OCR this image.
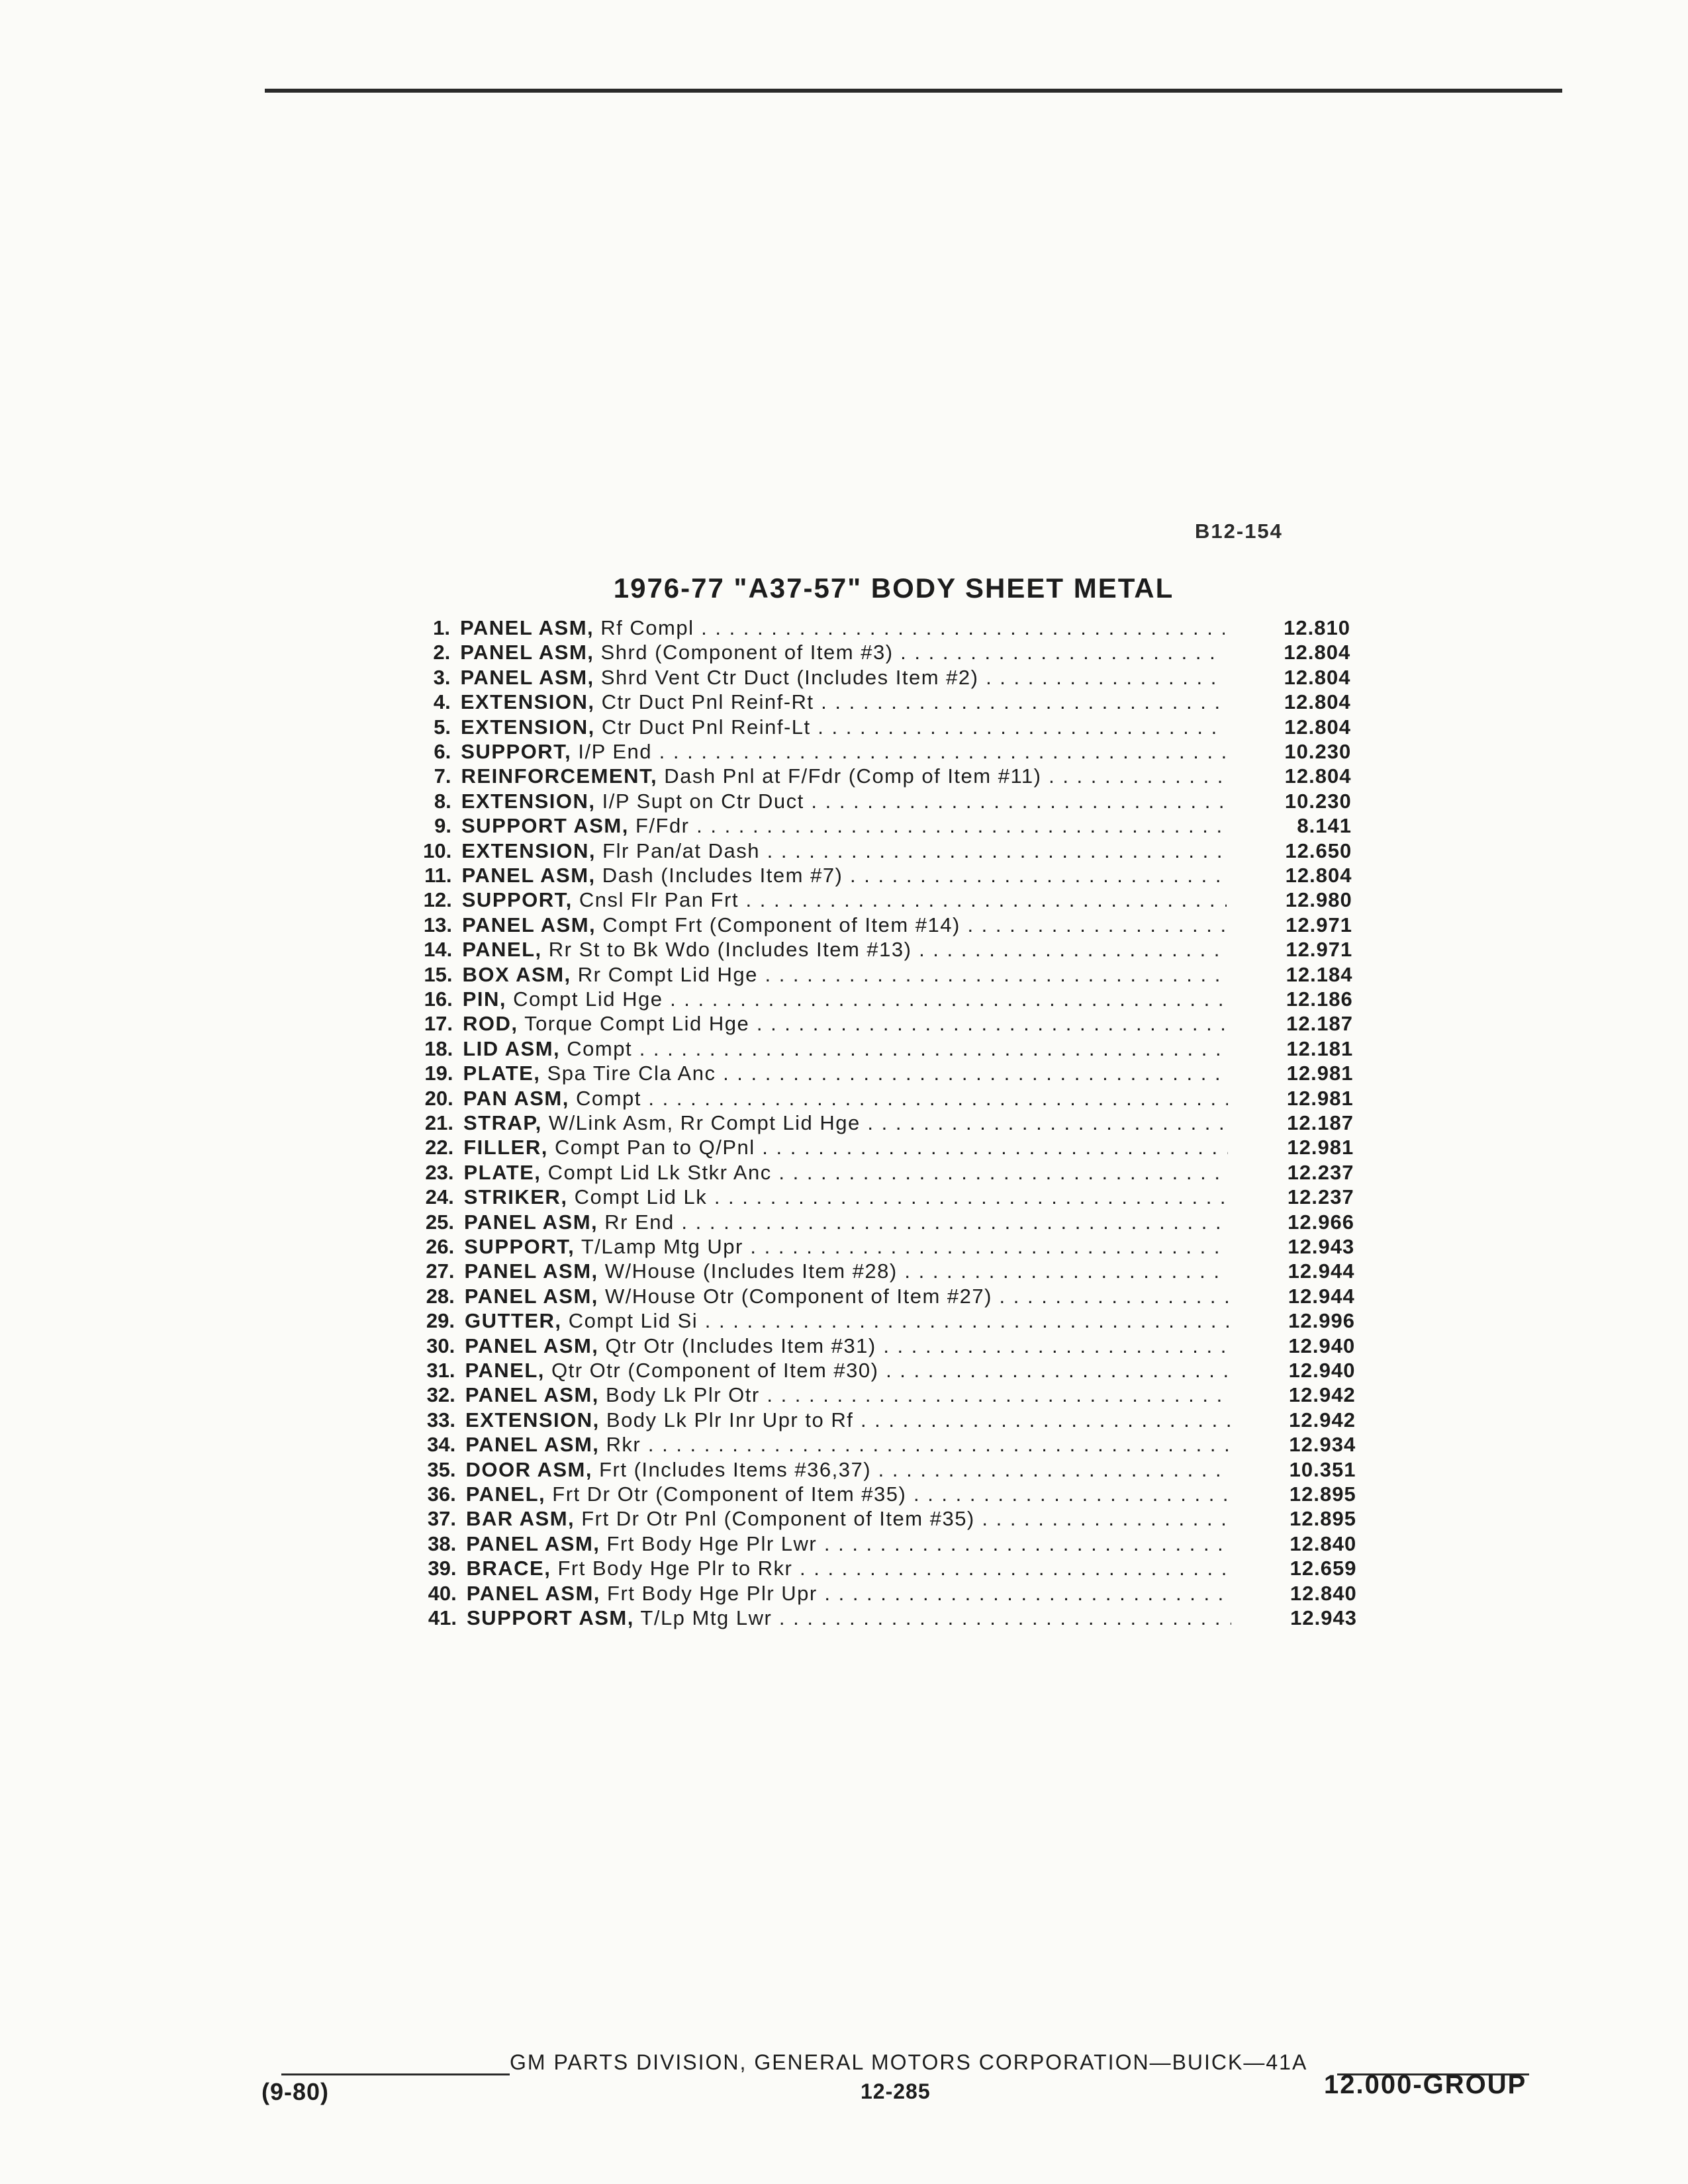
B12-154
1976-77 "A37-57" BODY SHEET METAL
1. PANEL ASM, Rf Compl . . .	12.810
2. PANEL ASM, Shrd (Component of Item #3) . . .	12.804
3. PANEL ASM, Shrd Vent Ctr Duct (Includes Item #2) . . .	12.804
4. EXTENSION, Ctr Duct Pnl Reinf-Rt . . .	12.804
5. EXTENSION, Ctr Duct Pnl Reinf-Lt . . .	12.804
6. SUPPORT, I/P End . . .	10.230
7. REINFORCEMENT, Dash Pnl at F/Fdr (Comp of Item #11) . . .	12.804
8. EXTENSION, I/P Supt on Ctr Duct . . .	10.230
9. SUPPORT ASM, F/Fdr . . .	8.141
10. EXTENSION, Flr Pan/at Dash . . .	12.650
11. PANEL ASM, Dash (Includes Item #7) . . .	12.804
12. SUPPORT, Cnsl Flr Pan Frt . . .	12.980
13. PANEL ASM, Compt Frt (Component of Item #14) . . .	12.971
14. PANEL, Rr St to Bk Wdo (Includes Item #13) . . .	12.971
15. BOX ASM, Rr Compt Lid Hge . . .	12.184
16. PIN, Compt Lid Hge . . .	12.186
17. ROD, Torque Compt Lid Hge . . .	12.187
18. LID ASM, Compt . . .	12.181
19. PLATE, Spa Tire Cla Anc . . .	12.981
20. PAN ASM, Compt . . .	12.981
21. STRAP, W/Link Asm, Rr Compt Lid Hge . . .	12.187
22. FILLER, Compt Pan to Q/Pnl . . .	12.981
23. PLATE, Compt Lid Lk Stkr Anc . . .	12.237
24. STRIKER, Compt Lid Lk . . .	12.237
25. PANEL ASM, Rr End . . .	12.966
26. SUPPORT, T/Lamp Mtg Upr . . .	12.943
27. PANEL ASM, W/House (Includes Item #28) . . .	12.944
28. PANEL ASM, W/House Otr (Component of Item #27) . . .	12.944
29. GUTTER, Compt Lid Si . . .	12.996
30. PANEL ASM, Qtr Otr (Includes Item #31) . . .	12.940
31. PANEL, Qtr Otr (Component of Item #30) . . .	12.940
32. PANEL ASM, Body Lk Plr Otr . . .	12.942
33. EXTENSION, Body Lk Plr Inr Upr to Rf . . .	12.942
34. PANEL ASM, Rkr . . .	12.934
35. DOOR ASM, Frt (Includes Items #36,37) . . .	10.351
36. PANEL, Frt Dr Otr (Component of Item #35) . . .	12.895
37. BAR ASM, Frt Dr Otr Pnl (Component of Item #35) . . .	12.895
38. PANEL ASM, Frt Body Hge Plr Lwr . . .	12.840
39. BRACE, Frt Body Hge Plr to Rkr . . .	12.659
40. PANEL ASM, Frt Body Hge Plr Upr . . .	12.840
41. SUPPORT ASM, T/Lp Mtg Lwr . . .	12.943
GM PARTS DIVISION, GENERAL MOTORS CORPORATION—BUICK—41A
(9-80)	12-285	12.000-GROUP
